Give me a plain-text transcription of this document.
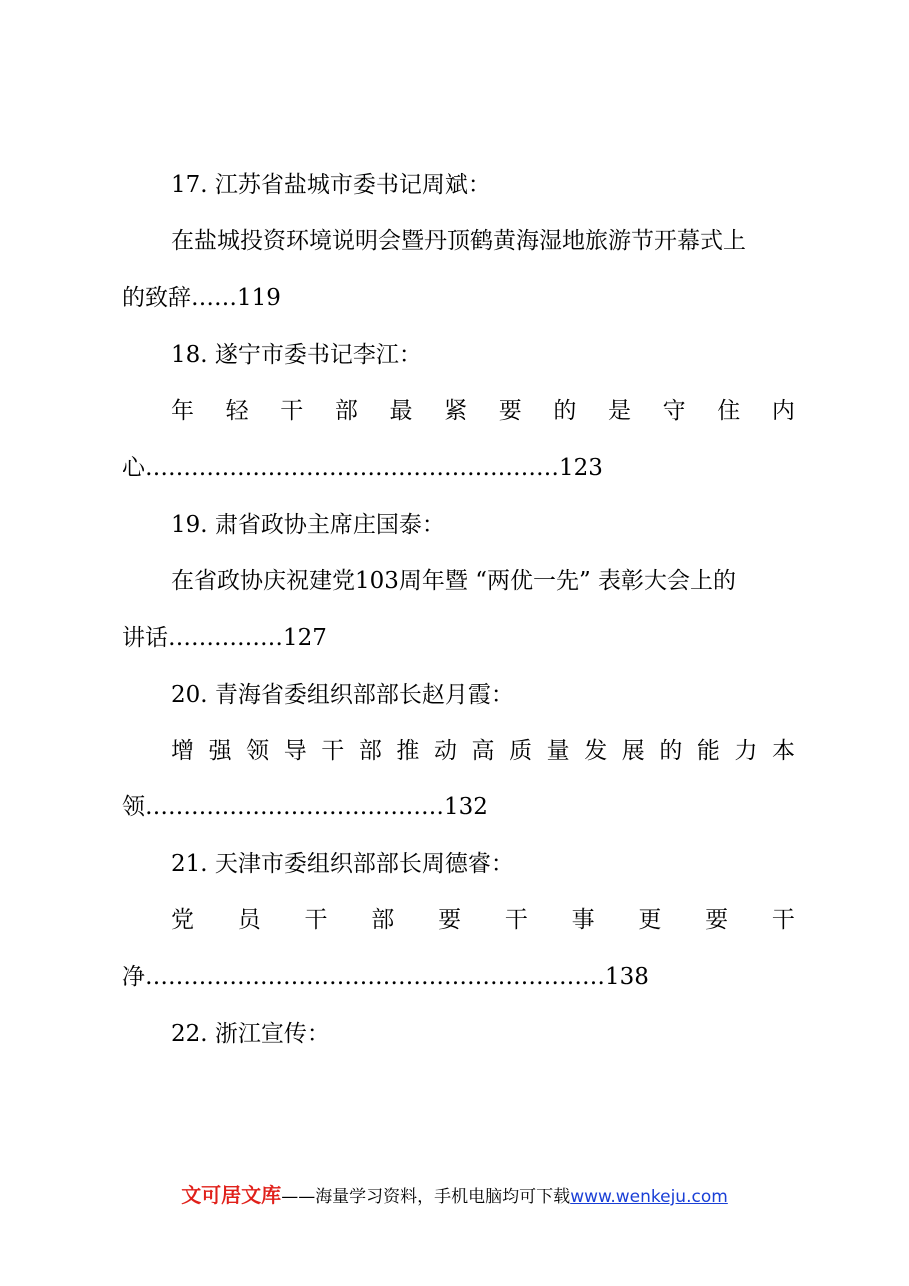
17. 江苏省盐城市委书记周斌：
在盐城投资环境说明会暨丹顶鹤黄海湿地旅游节开幕式上
的致辞……119
18. 遂宁市委书记李江：
年 轻 干 部 最 紧 要 的 是 守 住 内
心………………………………………………123
19. 肃省政协主席庄国泰：
在省政协庆祝建党103周年暨 “两优一先” 表彰大会上的
讲话……………127
20. 青海省委组织部部长赵月霞：
增 强 领 导 干 部 推 动 高 质 量 发 展 的 能 力 本
领…………………………………132
21. 天津市委组织部部长周德睿：
党 员 干 部 要 干 事 更 要 干
净……………………………………………………138
22. 浙江宣传：
文可居文库——海量学习资料，手机电脑均可下载www.wenkeju.com
